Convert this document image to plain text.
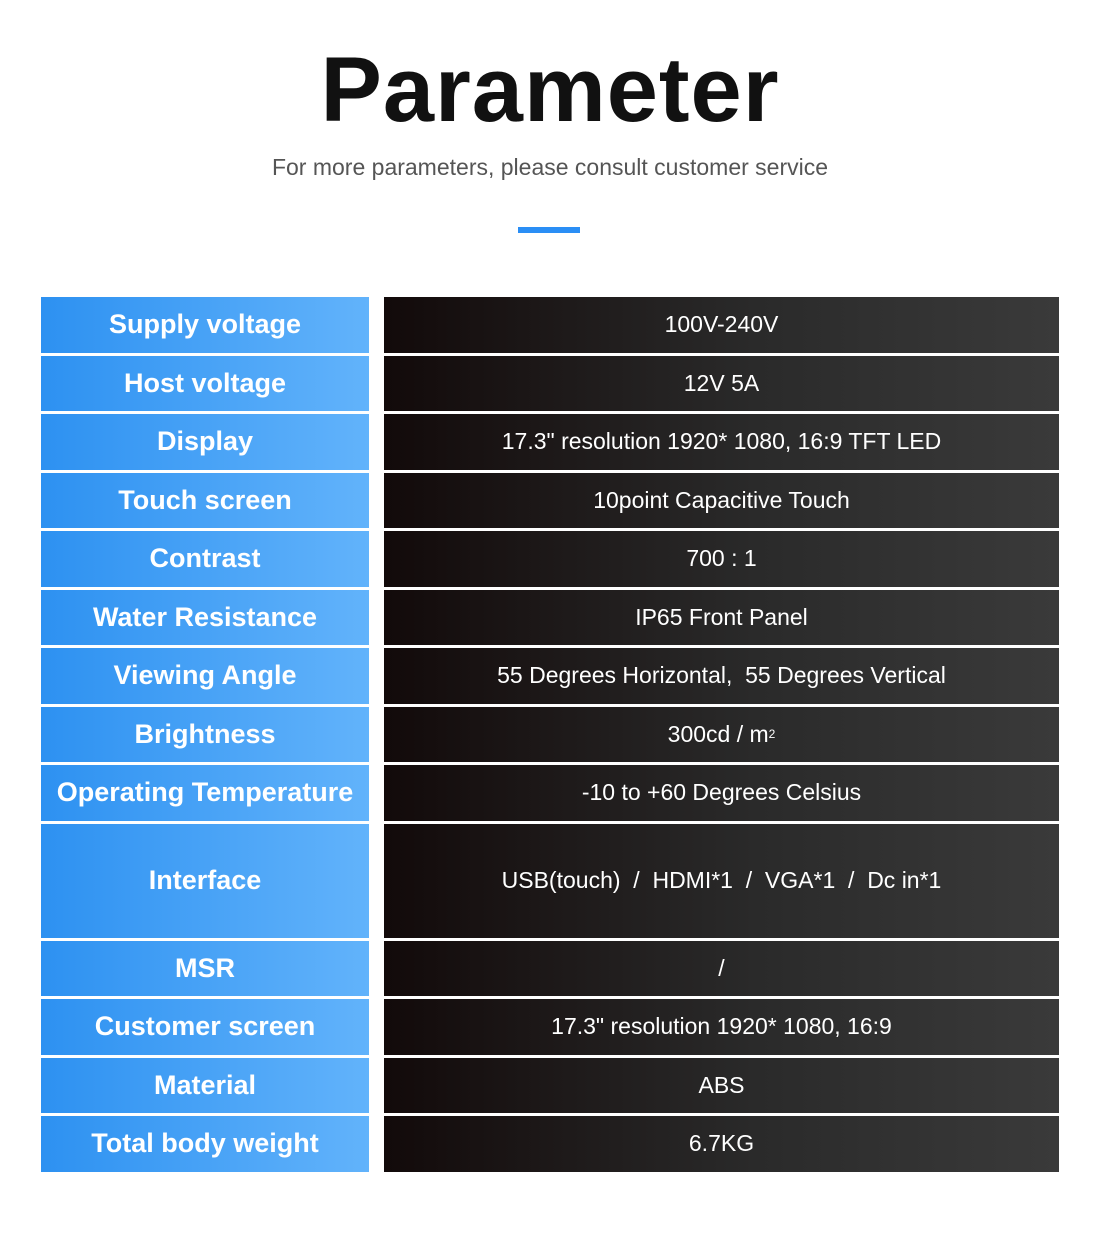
Parameter
For more parameters, please consult customer service
Supply voltage	100V-240V
Host voltage	12V 5A
Display	17.3" resolution 1920* 1080, 16:9 TFT LED
Touch screen	10point Capacitive Touch
Contrast	700 : 1
Water Resistance	IP65 Front Panel
Viewing Angle	55 Degrees Horizontal,  55 Degrees Vertical
Brightness	300cd / m 2
Operating Temperature	-10 to +60 Degrees Celsius
Interface	USB(touch)  /  HDMI*1  /  VGA*1  /  Dc in*1
MSR	/
Customer screen	17.3" resolution 1920* 1080, 16:9
Material	ABS
Total body weight	6.7KG
